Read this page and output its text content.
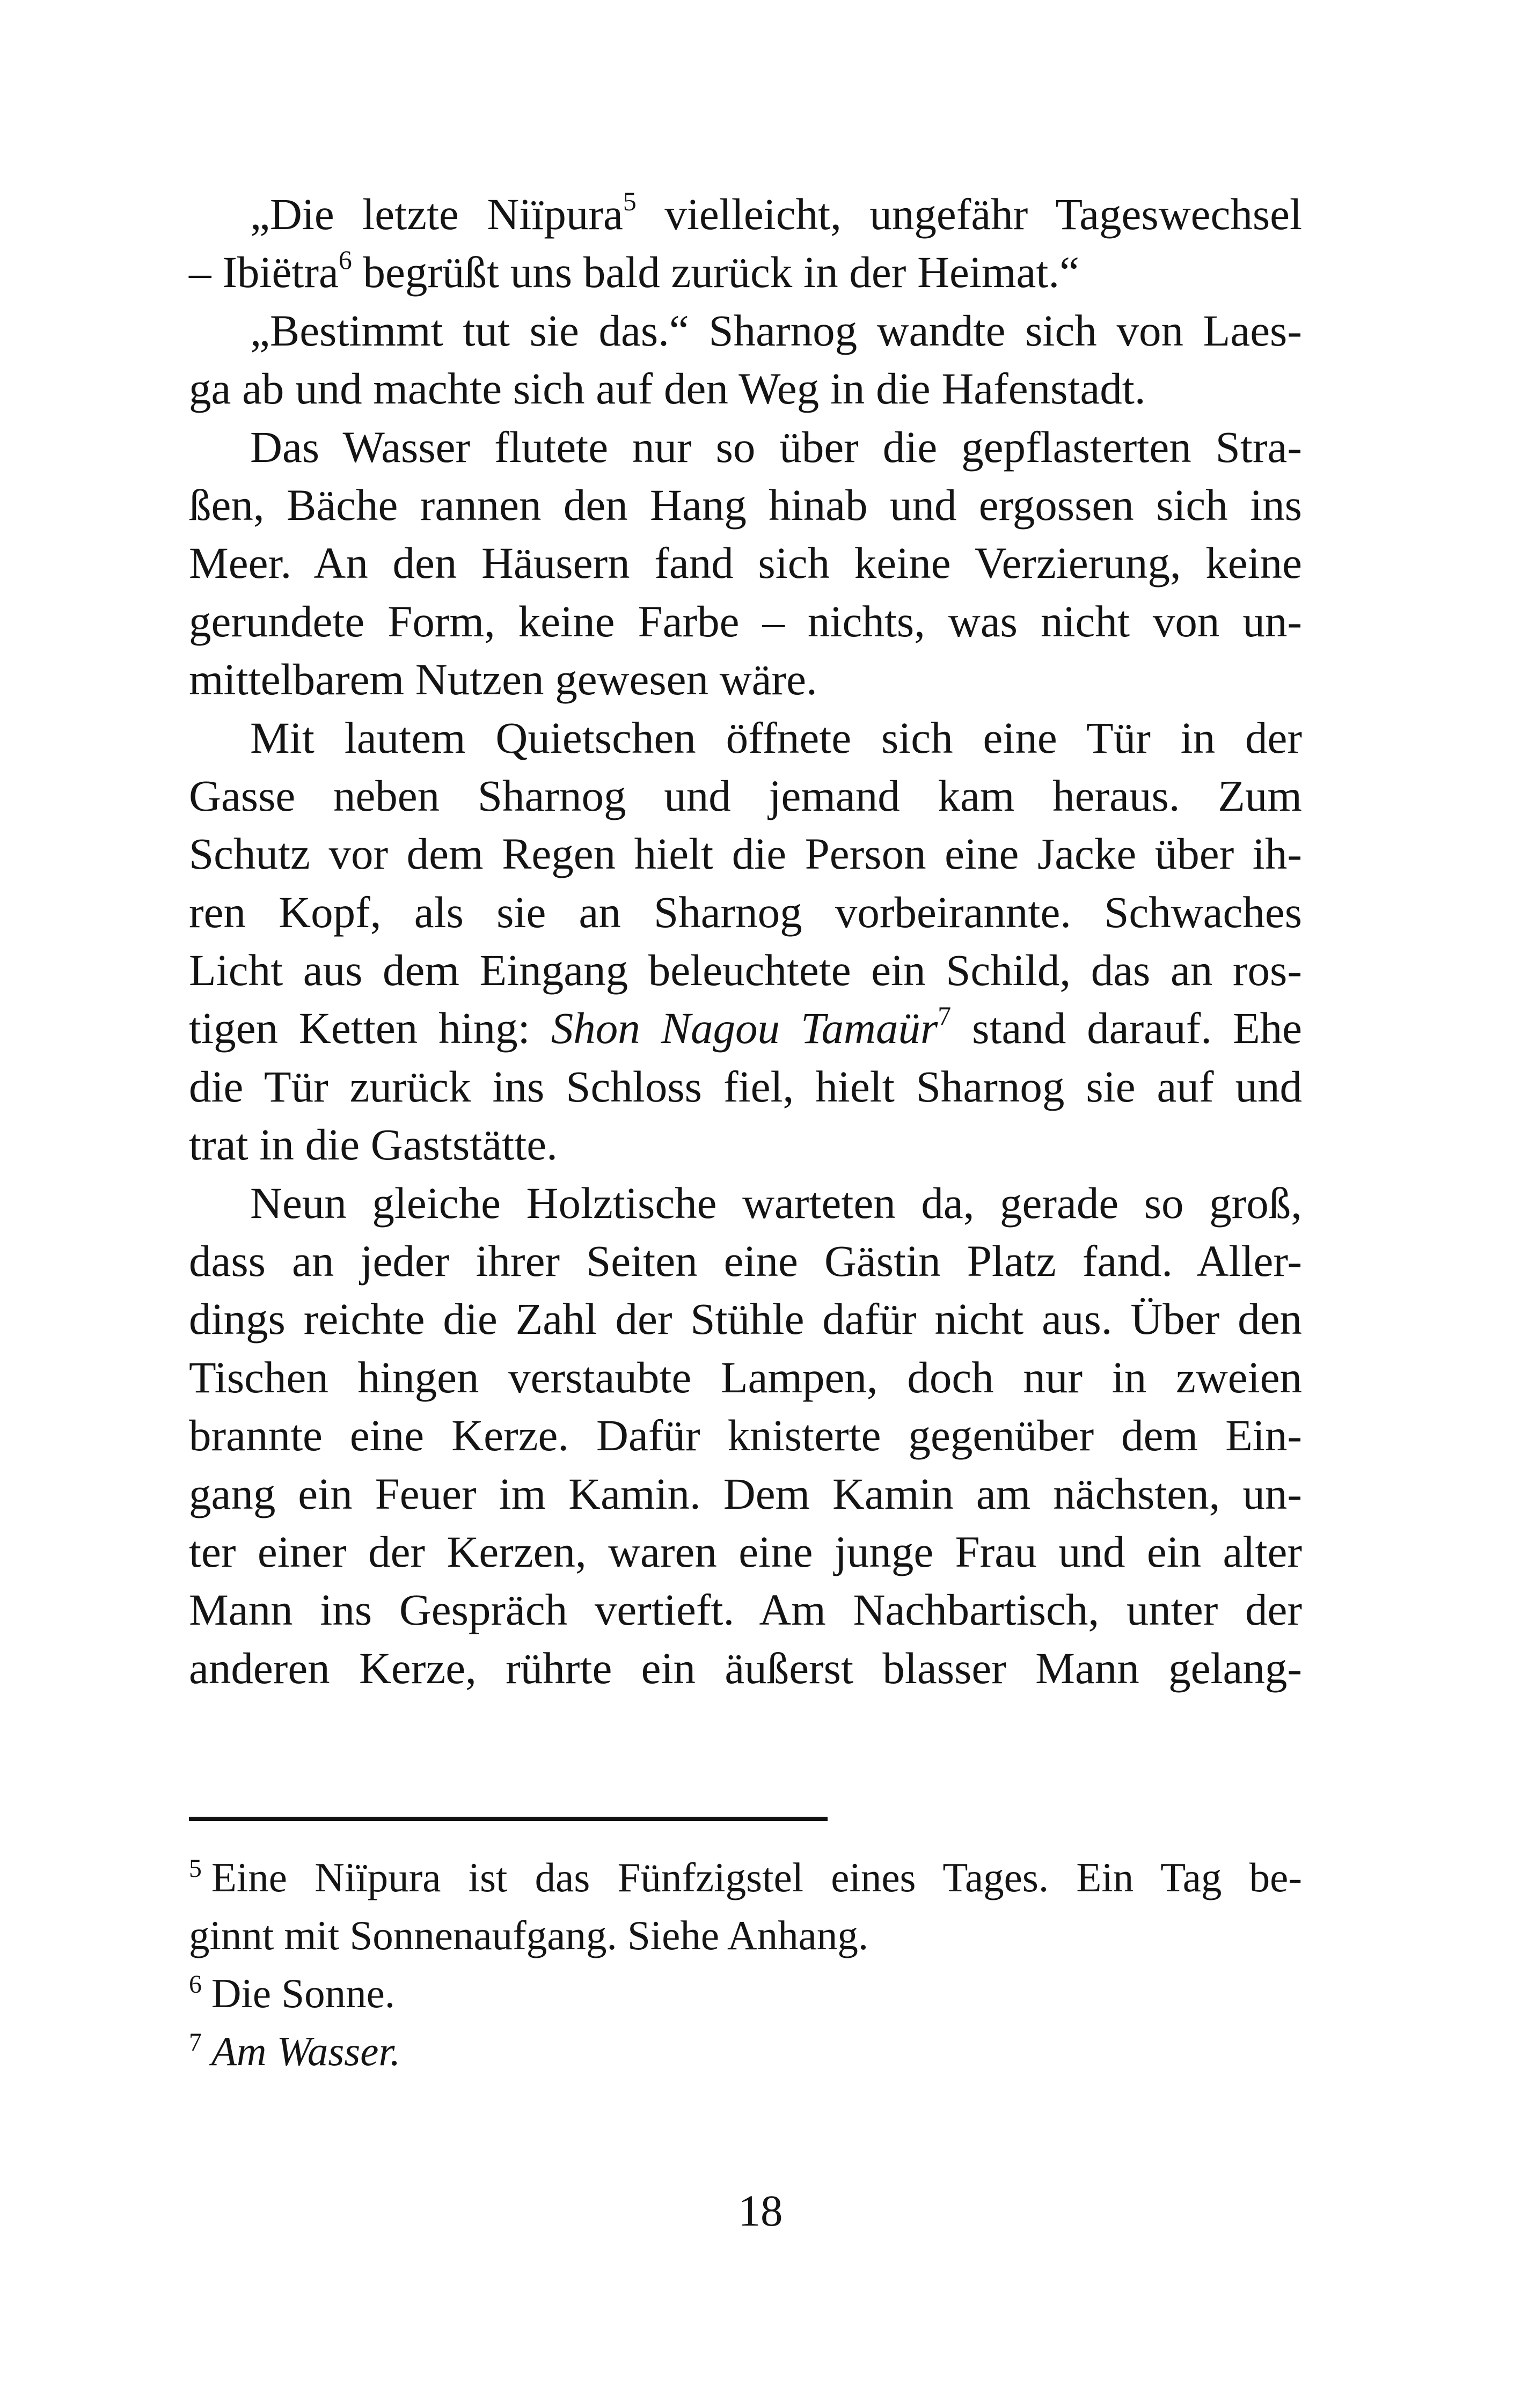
„Die letzte Niïpura$^5$ vielleicht, ungefähr Tageswechsel
– Ibiëtra$^6$ begrüßt uns bald zurück in der Heimat.“
„Bestimmt tut sie das.“ Sharnog wandte sich von Laes-
ga ab und machte sich auf den Weg in die Hafenstadt.
Das Wasser flutete nur so über die gepflasterten Stra-
ßen, Bäche rannen den Hang hinab und ergossen sich ins
Meer. An den Häusern fand sich keine Verzierung, keine
gerundete Form, keine Farbe – nichts, was nicht von un-
mittelbarem Nutzen gewesen wäre.
Mit lautem Quietschen öffnete sich eine Tür in der
Gasse neben Sharnog und jemand kam heraus. Zum
Schutz vor dem Regen hielt die Person eine Jacke über ih-
ren Kopf, als sie an Sharnog vorbeirannte. Schwaches
Licht aus dem Eingang beleuchtete ein Schild, das an ros-
tigen Ketten hing: Shon Nagou Tamaür$^7$ stand darauf. Ehe
die Tür zurück ins Schloss fiel, hielt Sharnog sie auf und
trat in die Gaststätte.
Neun gleiche Holztische warteten da, gerade so groß,
dass an jeder ihrer Seiten eine Gästin Platz fand. Aller-
dings reichte die Zahl der Stühle dafür nicht aus. Über den
Tischen hingen verstaubte Lampen, doch nur in zweien
brannte eine Kerze. Dafür knisterte gegenüber dem Ein-
gang ein Feuer im Kamin. Dem Kamin am nächsten, un-
ter einer der Kerzen, waren eine junge Frau und ein alter
Mann ins Gespräch vertieft. Am Nachbartisch, unter der
anderen Kerze, rührte ein äußerst blasser Mann gelang-
$^5$ Eine Niïpura ist das Fünfzigstel eines Tages. Ein Tag be-
ginnt mit Sonnenaufgang. Siehe Anhang.
$^6$ Die Sonne.
$^7$ Am Wasser.
18
